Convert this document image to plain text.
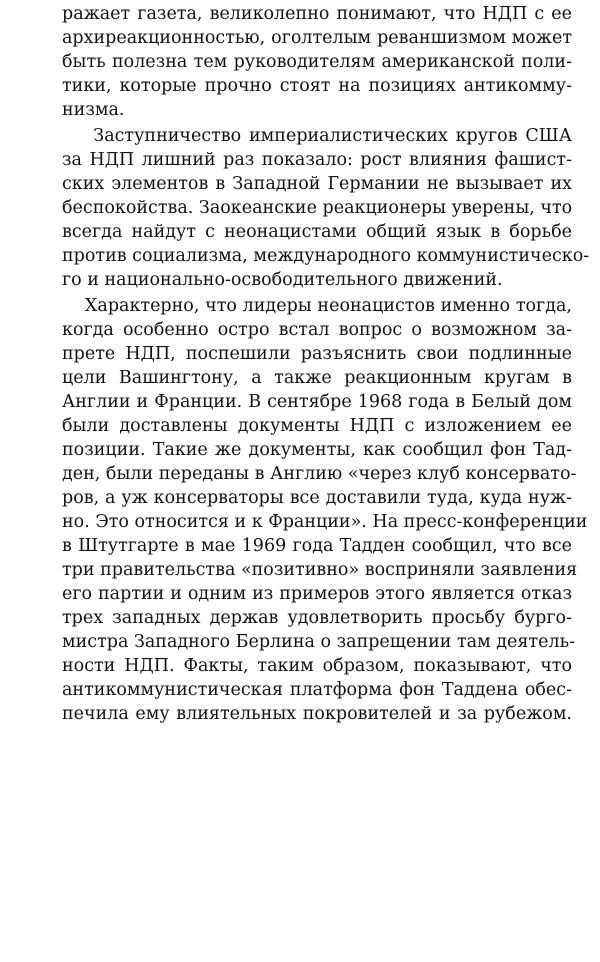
ражает газета, великолепно понимают, что НДП с ее
архиреакционностью, оголтелым реваншизмом может
быть полезна тем руководителям американской поли-
тики, которые прочно стоят на позициях антикомму-
низма.
Заступничество империалистических кругов США
за НДП лишний раз показало: рост влияния фашист-
ских элементов в Западной Германии не вызывает их
беспокойства. Заокеанские реакционеры уверены, что
всегда найдут с неонацистами общий язык в борьбе
против социализма, международного коммунистическо-
го и национально-освободительного движений.
Характерно, что лидеры неонацистов именно тогда,
когда особенно остро встал вопрос о возможном за-
прете НДП, поспешили разъяснить свои подлинные
цели Вашингтону, а также реакционным кругам в
Англии и Франции. В сентябре 1968 года в Белый дом
были доставлены документы НДП с изложением ее
позиции. Такие же документы, как сообщил фон Тад-
ден, были переданы в Англию «через клуб консервато-
ров, а уж консерваторы все доставили туда, куда нуж-
но. Это относится и к Франции». На пресс-конференции
в Штутгарте в мае 1969 года Тадден сообщил, что все
три правительства «позитивно» восприняли заявления
его партии и одним из примеров этого является отказ
трех западных держав удовлетворить просьбу бурго-
мистра Западного Берлина о запрещении там деятель-
ности НДП. Факты, таким образом, показывают, что
антикоммунистическая платформа фон Таддена обес-
печила ему влиятельных покровителей и за рубежом.
